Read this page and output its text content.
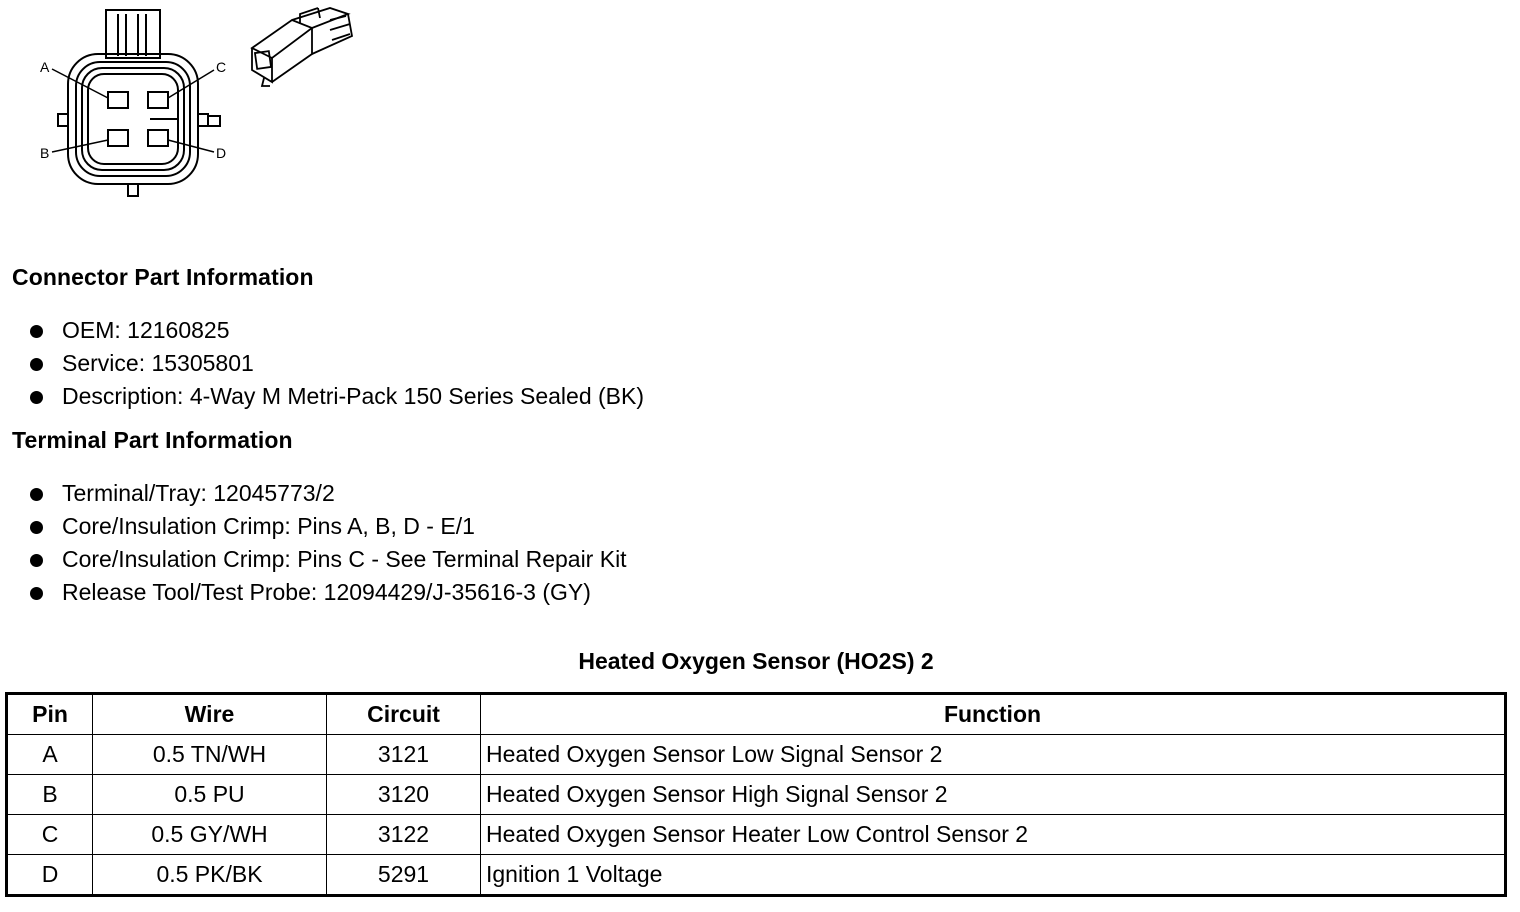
A
B
C
D
Connector Part Information
OEM: 12160825
Service: 15305801
Description: 4-Way M Metri-Pack 150 Series Sealed (BK)
Terminal Part Information
Terminal/Tray: 12045773/2
Core/Insulation Crimp: Pins A, B, D - E/1
Core/Insulation Crimp: Pins C - See Terminal Repair Kit
Release Tool/Test Probe: 12094429/J-35616-3 (GY)
Heated Oxygen Sensor (HO2S) 2
Pin	Wire	Circuit	Function
A	0.5 TN/WH	3121	Heated Oxygen Sensor Low Signal Sensor 2
B	0.5 PU	3120	Heated Oxygen Sensor High Signal Sensor 2
C	0.5 GY/WH	3122	Heated Oxygen Sensor Heater Low Control Sensor 2
D	0.5 PK/BK	5291	Ignition 1 Voltage
